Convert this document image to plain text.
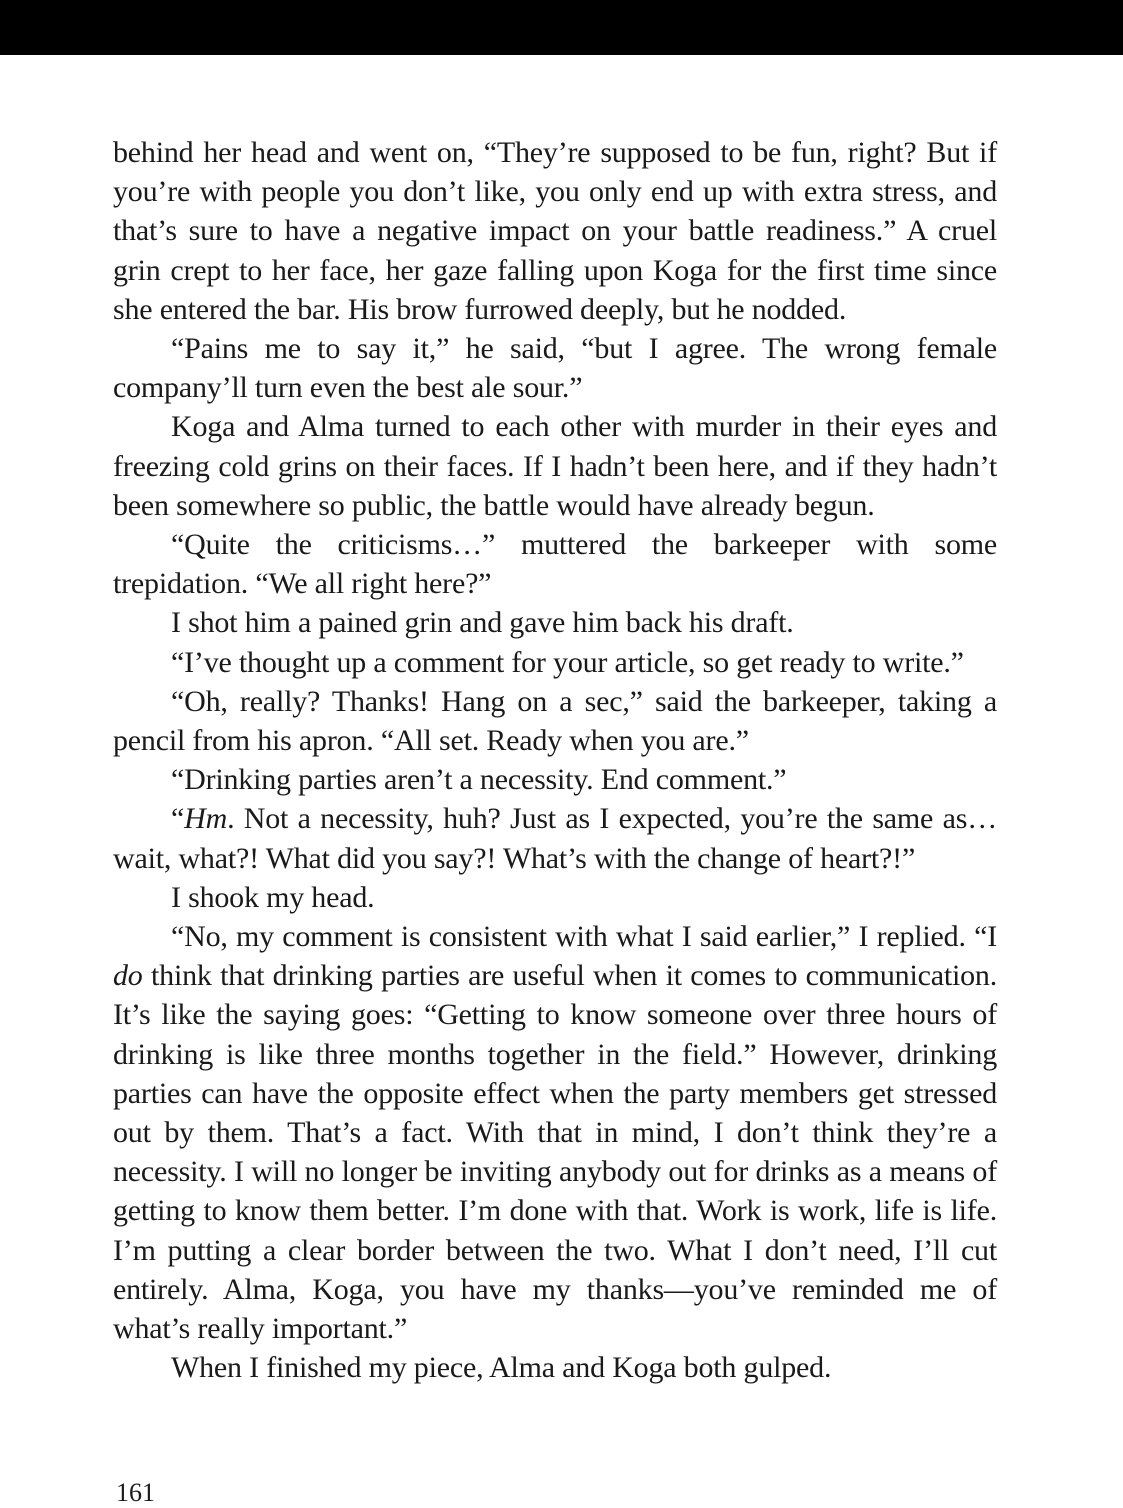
behind her head and went on, “They’re supposed to be fun, right? But if you’re with people you don’t like, you only end up with extra stress, and that’s sure to have a negative impact on your battle readiness.” A cruel grin crept to her face, her gaze falling upon Koga for the first time since she entered the bar. His brow furrowed deeply, but he nodded.

“Pains me to say it,” he said, “but I agree. The wrong female company’ll turn even the best ale sour.”

Koga and Alma turned to each other with murder in their eyes and freezing cold grins on their faces. If I hadn’t been here, and if they hadn’t been somewhere so public, the battle would have already begun.

“Quite the criticisms…” muttered the barkeeper with some trepidation. “We all right here?”

I shot him a pained grin and gave him back his draft.

“I’ve thought up a comment for your article, so get ready to write.”

“Oh, really? Thanks! Hang on a sec,” said the barkeeper, taking a pencil from his apron. “All set. Ready when you are.”

“Drinking parties aren’t a necessity. End comment.”

“Hm. Not a necessity, huh? Just as I expected, you’re the same as… wait, what?! What did you say?! What’s with the change of heart?!”

I shook my head.

“No, my comment is consistent with what I said earlier,” I replied. “I do think that drinking parties are useful when it comes to communication. It’s like the saying goes: “Getting to know someone over three hours of drinking is like three months together in the field.” However, drinking parties can have the opposite effect when the party members get stressed out by them. That’s a fact. With that in mind, I don’t think they’re a necessity. I will no longer be inviting anybody out for drinks as a means of getting to know them better. I’m done with that. Work is work, life is life. I’m putting a clear border between the two. What I don’t need, I’ll cut entirely. Alma, Koga, you have my thanks—you’ve reminded me of what’s really important.”

When I finished my piece, Alma and Koga both gulped.

161
